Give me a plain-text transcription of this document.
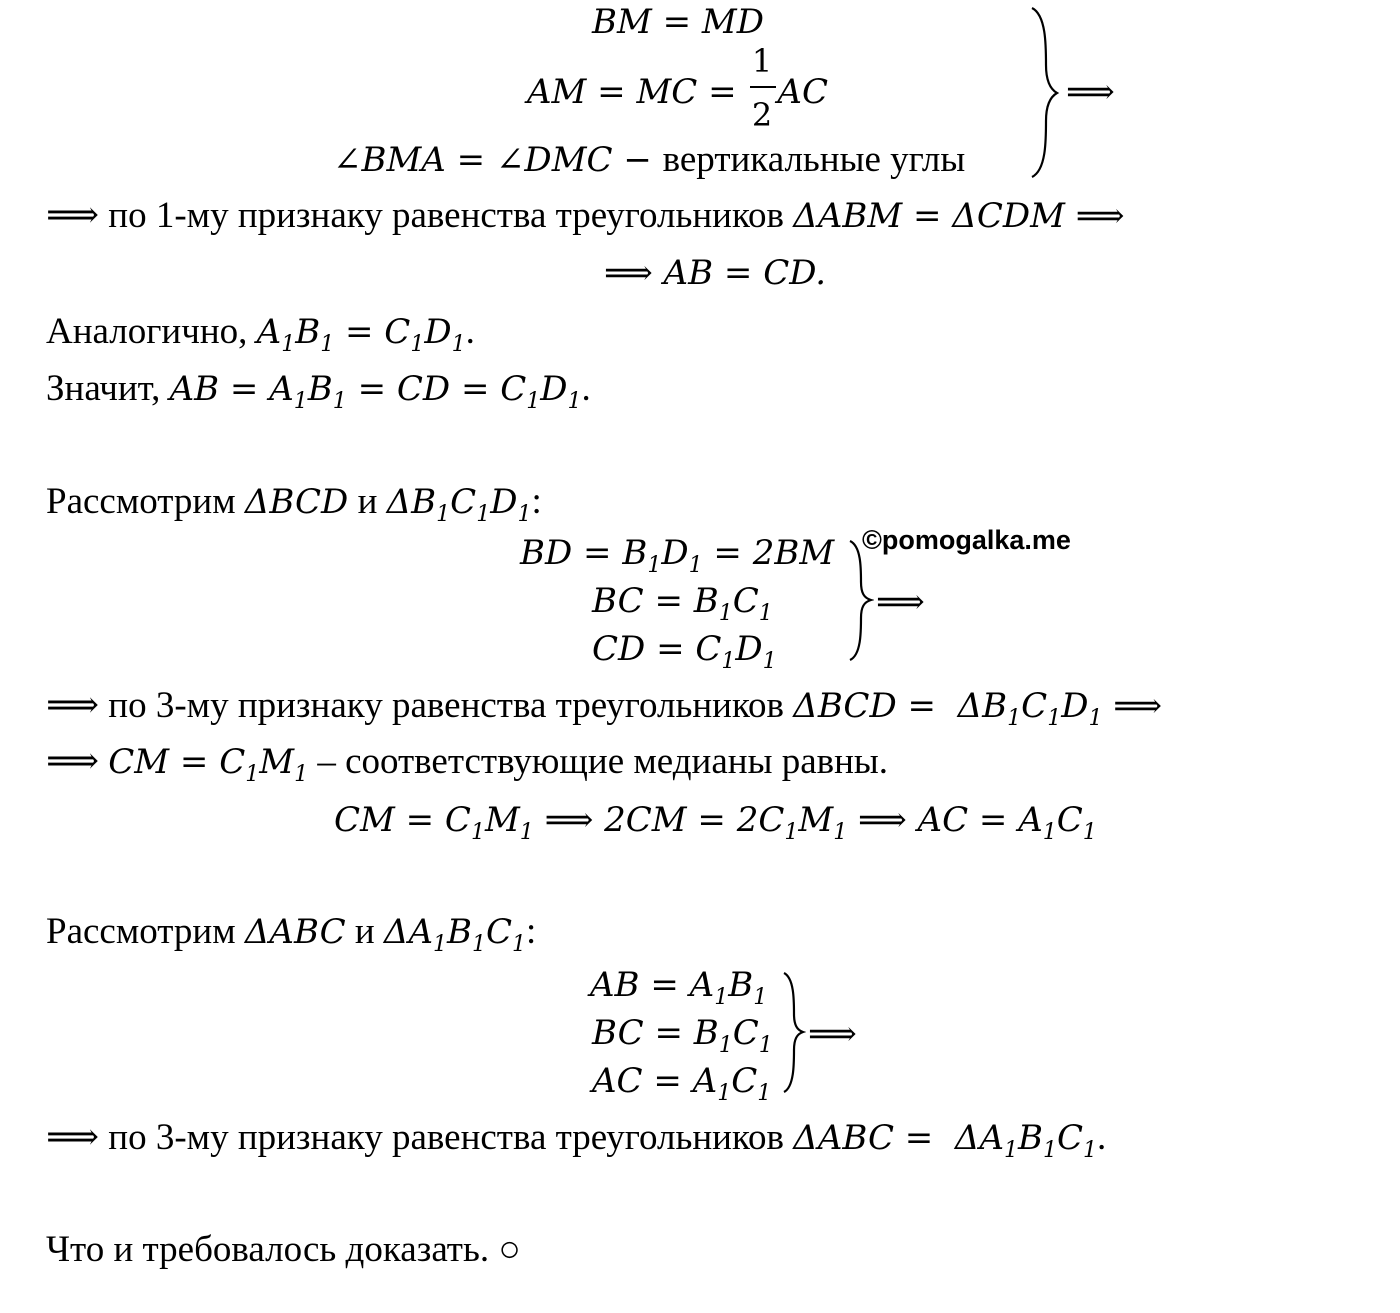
BM = MD
AM = MC = AC
1
2
∠BMA = ∠DMC − вертикальные углы
⟹
⟹ по 1-му признаку равенства треугольников ΔABM = ΔCDM ⟹
⟹ AB = CD.
Аналогично, $A_1B_1 = C_1D_1$.
Значит, AB = $A_1B_1$ = CD = $C_1D_1$.
Рассмотрим ΔBCD и $\Delta B_1C_1D_1$:
BD = $B_1D_1 = 2BM$
BC = $B_1C_1$
CD = $C_1D_1$
⟹
©pomogalka.me
⟹ по 3-му признаку равенства треугольников $\Delta BCD = \Delta B_1C_1D_1$ ⟹
⟹ CM = $C_1M_1$ – соответствующие медианы равны.
CM = $C_1M_1$ ⟹ $2CM = 2C_1M_1$ ⟹ AC = $A_1C_1$
Рассмотрим ΔABC и $\Delta A_1B_1C_1$:
AB = $A_1B_1$
BC = $B_1C_1$
AC = $A_1C_1$
⟹
⟹ по 3-му признаку равенства треугольников $\Delta ABC = \Delta A_1B_1C_1$.
Что и требовалось доказать. ○
